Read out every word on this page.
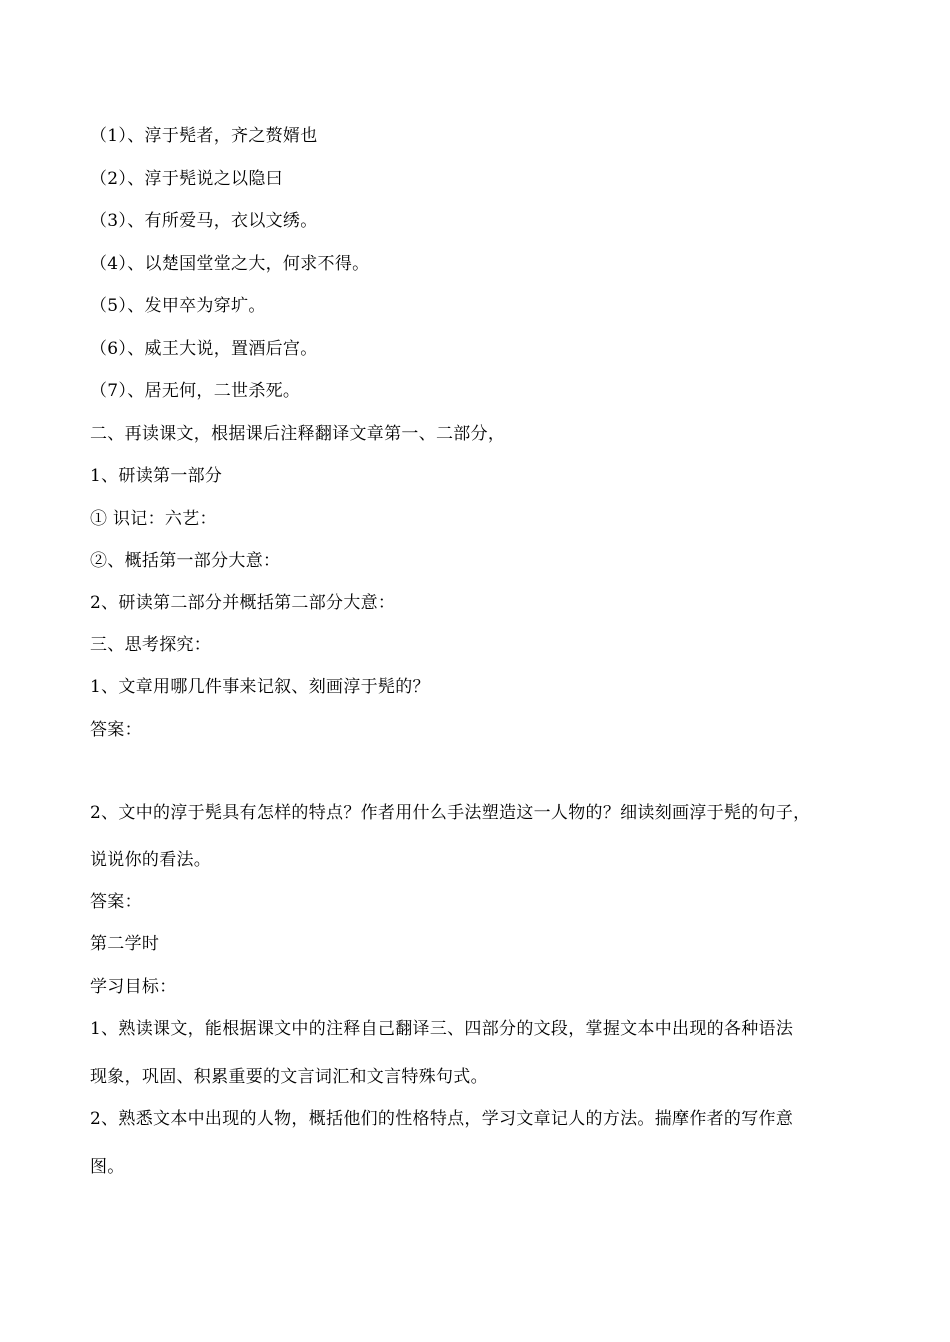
（1）、淳于髡者，齐之赘婿也
（2）、淳于髡说之以隐曰
（3）、有所爱马，衣以文绣。
（4）、以楚国堂堂之大，何求不得。
（5）、发甲卒为穿圹。
（6）、威王大说，置酒后宫。
（7）、居无何，二世杀死。
二、再读课文，根据课后注释翻译文章第一、二部分，
1、研读第一部分
① 识记：六艺：
②、概括第一部分大意：
2、研读第二部分并概括第二部分大意：
三、思考探究：
1、文章用哪几件事来记叙、刻画淳于髡的？
答案：
2、文中的淳于髡具有怎样的特点？作者用什么手法塑造这一人物的？细读刻画淳于髡的句子，
说说你的看法。
答案：
第二学时
学习目标：
1、熟读课文，能根据课文中的注释自己翻译三、四部分的文段，掌握文本中出现的各种语法
现象，巩固、积累重要的文言词汇和文言特殊句式。
2、熟悉文本中出现的人物，概括他们的性格特点，学习文章记人的方法。揣摩作者的写作意
图。
